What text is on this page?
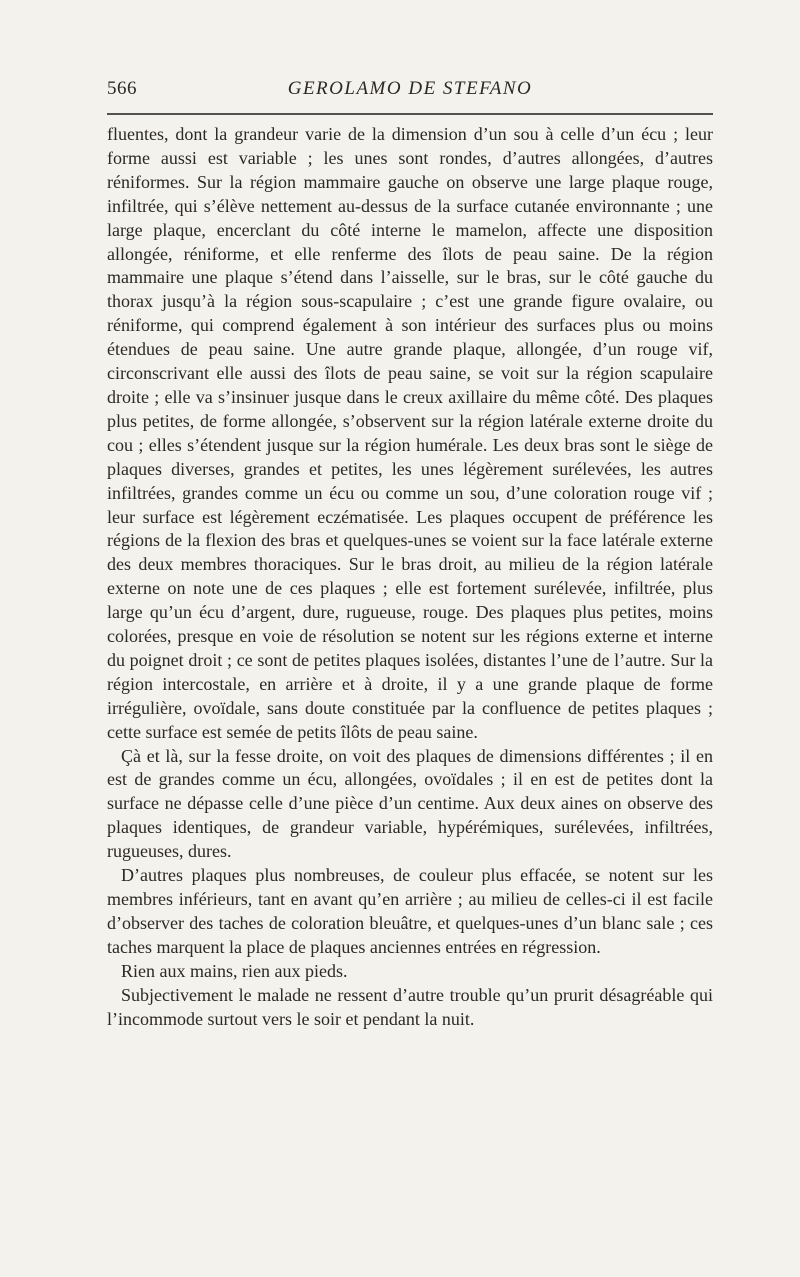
566	GEROLAMO DE STEFANO

fluentes, dont la grandeur varie de la dimension d’un sou à celle d’un écu ; leur forme aussi est variable ; les unes sont rondes, d’autres allongées, d’autres réniformes. Sur la région mammaire gauche on observe une large plaque rouge, infiltrée, qui s’élève nettement au-dessus de la surface cutanée environnante ; une large plaque, encerclant du côté interne le mamelon, affecte une disposition allongée, réniforme, et elle renferme des îlots de peau saine. De la région mammaire une plaque s’étend dans l’aisselle, sur le bras, sur le côté gauche du thorax jusqu’à la région sous-scapulaire ; c’est une grande figure ovalaire, ou réniforme, qui comprend également à son intérieur des surfaces plus ou moins étendues de peau saine. Une autre grande plaque, allongée, d’un rouge vif, circonscrivant elle aussi des îlots de peau saine, se voit sur la région scapulaire droite ; elle va s’insinuer jusque dans le creux axillaire du même côté. Des plaques plus petites, de forme allongée, s’observent sur la région latérale externe droite du cou ; elles s’étendent jusque sur la région humérale. Les deux bras sont le siège de plaques diverses, grandes et petites, les unes légèrement surélevées, les autres infiltrées, grandes comme un écu ou comme un sou, d’une coloration rouge vif ; leur surface est légèrement eczématisée. Les plaques occupent de préférence les régions de la flexion des bras et quelques-unes se voient sur la face latérale externe des deux membres thoraciques. Sur le bras droit, au milieu de la région latérale externe on note une de ces plaques ; elle est fortement surélevée, infiltrée, plus large qu’un écu d’argent, dure, rugueuse, rouge. Des plaques plus petites, moins colorées, presque en voie de résolution se notent sur les régions externe et interne du poignet droit ; ce sont de petites plaques isolées, distantes l’une de l’autre. Sur la région intercostale, en arrière et à droite, il y a une grande plaque de forme irrégulière, ovoïdale, sans doute constituée par la confluence de petites plaques ; cette surface est semée de petits îlôts de peau saine.

Çà et là, sur la fesse droite, on voit des plaques de dimensions différentes ; il en est de grandes comme un écu, allongées, ovoïdales ; il en est de petites dont la surface ne dépasse celle d’une pièce d’un centime. Aux deux aines on observe des plaques identiques, de grandeur variable, hypérémiques, surélevées, infiltrées, rugueuses, dures.

D’autres plaques plus nombreuses, de couleur plus effacée, se notent sur les membres inférieurs, tant en avant qu’en arrière ; au milieu de celles-ci il est facile d’observer des taches de coloration bleuâtre, et quelques-unes d’un blanc sale ; ces taches marquent la place de plaques anciennes entrées en régression.

Rien aux mains, rien aux pieds.

Subjectivement le malade ne ressent d’autre trouble qu’un prurit désagréable qui l’incommode surtout vers le soir et pendant la nuit.
